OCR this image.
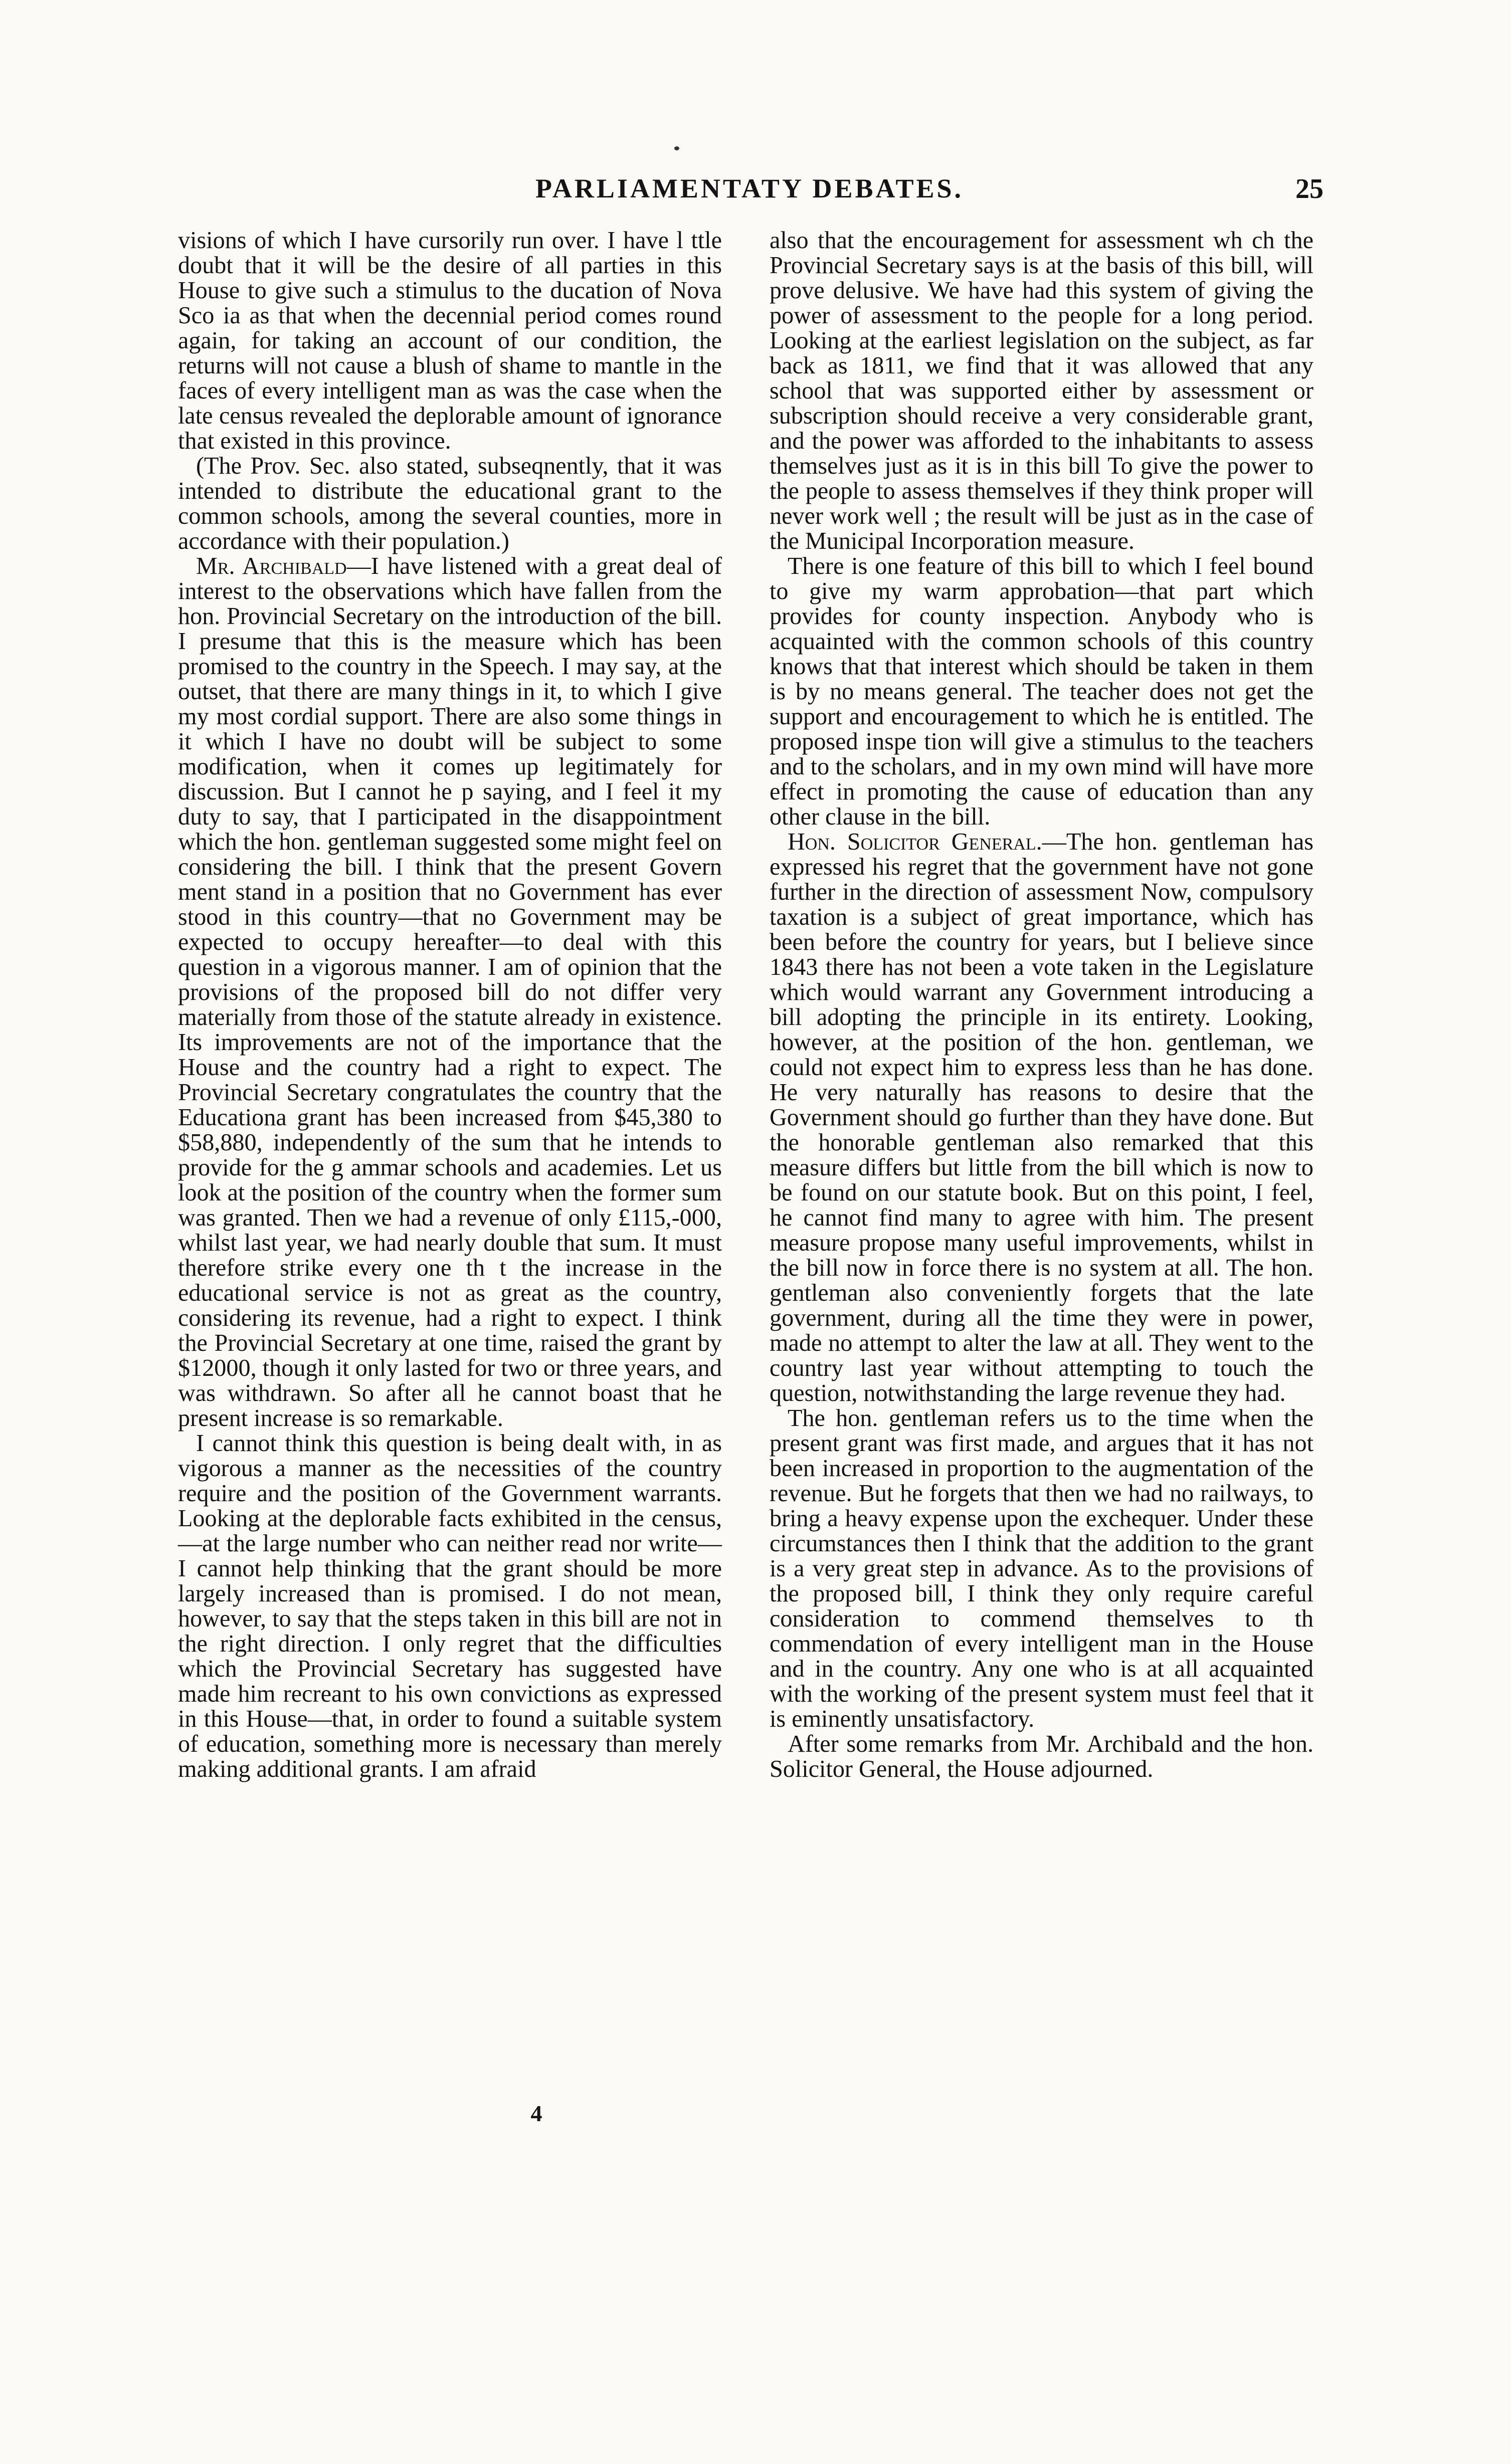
PARLIAMENTATY DEBATES.	25

visions of which I have cursorily run over. I have l ttle doubt that it will be the desire of all parties in this House to give such a stimulus to the ducation of Nova Sco ia as that when the decennial period comes round again, for taking an account of our condition, the returns will not cause a blush of shame to mantle in the faces of every intelligent man as was the case when the late census revealed the deplorable amount of ignorance that existed in this province.

(The Prov. Sec. also stated, subseqnently, that it was intended to distribute the educational grant to the common schools, among the several counties, more in accordance with their population.)

Mr. Archibald—I have listened with a great deal of interest to the observations which have fallen from the hon. Provincial Secretary on the introduction of the bill. I presume that this is the measure which has been promised to the country in the Speech. I may say, at the outset, that there are many things in it, to which I give my most cordial support. There are also some things in it which I have no doubt will be subject to some modification, when it comes up legitimately for discussion. But I cannot he p saying, and I feel it my duty to say, that I participated in the disappointment which the hon. gentleman suggested some might feel on considering the bill. I think that the present Govern ment stand in a position that no Government has ever stood in this country—that no Government may be expected to occupy hereafter—to deal with this question in a vigorous manner. I am of opinion that the provisions of the proposed bill do not differ very materially from those of the statute already in existence. Its improvements are not of the importance that the House and the country had a right to expect. The Provincial Secretary congratulates the country that the Educationa grant has been increased from $45,380 to $58,880, independently of the sum that he intends to provide for the g ammar schools and academies. Let us look at the position of the country when the former sum was granted. Then we had a revenue of only £115,-000, whilst last year, we had nearly double that sum. It must therefore strike every one th t the increase in the educational service is not as great as the country, considering its revenue, had a right to expect. I think the Provincial Secretary at one time, raised the grant by $12000, though it only lasted for two or three years, and was withdrawn. So after all he cannot boast that he present increase is so remarkable.

I cannot think this question is being dealt with, in as vigorous a manner as the necessities of the country require and the position of the Government warrants. Looking at the deplorable facts exhibited in the census,—at the large number who can neither read nor write—I cannot help thinking that the grant should be more largely increased than is promised. I do not mean, however, to say that the steps taken in this bill are not in the right direction. I only regret that the difficulties which the Provincial Secretary has suggested have made him recreant to his own convictions as expressed in this House—that, in order to found a suitable system of education, something more is necessary than merely making additional grants. I am afraid

also that the encouragement for assessment wh ch the Provincial Secretary says is at the basis of this bill, will prove delusive. We have had this system of giving the power of assessment to the people for a long period. Looking at the earliest legislation on the subject, as far back as 1811, we find that it was allowed that any school that was supported either by assessment or subscription should receive a very considerable grant, and the power was afforded to the inhabitants to assess themselves just as it is in this bill To give the power to the people to assess themselves if they think proper will never work well ; the result will be just as in the case of the Municipal Incorporation measure.

There is one feature of this bill to which I feel bound to give my warm approbation—that part which provides for county inspection. Anybody who is acquainted with the common schools of this country knows that that interest which should be taken in them is by no means general. The teacher does not get the support and encouragement to which he is entitled. The proposed inspe tion will give a stimulus to the teachers and to the scholars, and in my own mind will have more effect in promoting the cause of education than any other clause in the bill.

Hon. Solicitor General.—The hon. gentleman has expressed his regret that the government have not gone further in the direction of assessment Now, compulsory taxation is a subject of great importance, which has been before the country for years, but I believe since 1843 there has not been a vote taken in the Legislature which would warrant any Government introducing a bill adopting the principle in its entirety. Looking, however, at the position of the hon. gentleman, we could not expect him to express less than he has done. He very naturally has reasons to desire that the Government should go further than they have done. But the honorable gentleman also remarked that this measure differs but little from the bill which is now to be found on our statute book. But on this point, I feel, he cannot find many to agree with him. The present measure propose many useful improvements, whilst in the bill now in force there is no system at all. The hon. gentleman also conveniently forgets that the late government, during all the time they were in power, made no attempt to alter the law at all. They went to the country last year without attempting to touch the question, notwithstanding the large revenue they had.

The hon. gentleman refers us to the time when the present grant was first made, and argues that it has not been increased in proportion to the augmentation of the revenue. But he forgets that then we had no railways, to bring a heavy expense upon the exchequer. Under these circumstances then I think that the addition to the grant is a very great step in advance. As to the provisions of the proposed bill, I think they only require careful consideration to commend themselves to th commendation of every intelligent man in the House and in the country. Any one who is at all acquainted with the working of the present system must feel that it is eminently unsatisfactory.

After some remarks from Mr. Archibald and the hon. Solicitor General, the House adjourned.

4
